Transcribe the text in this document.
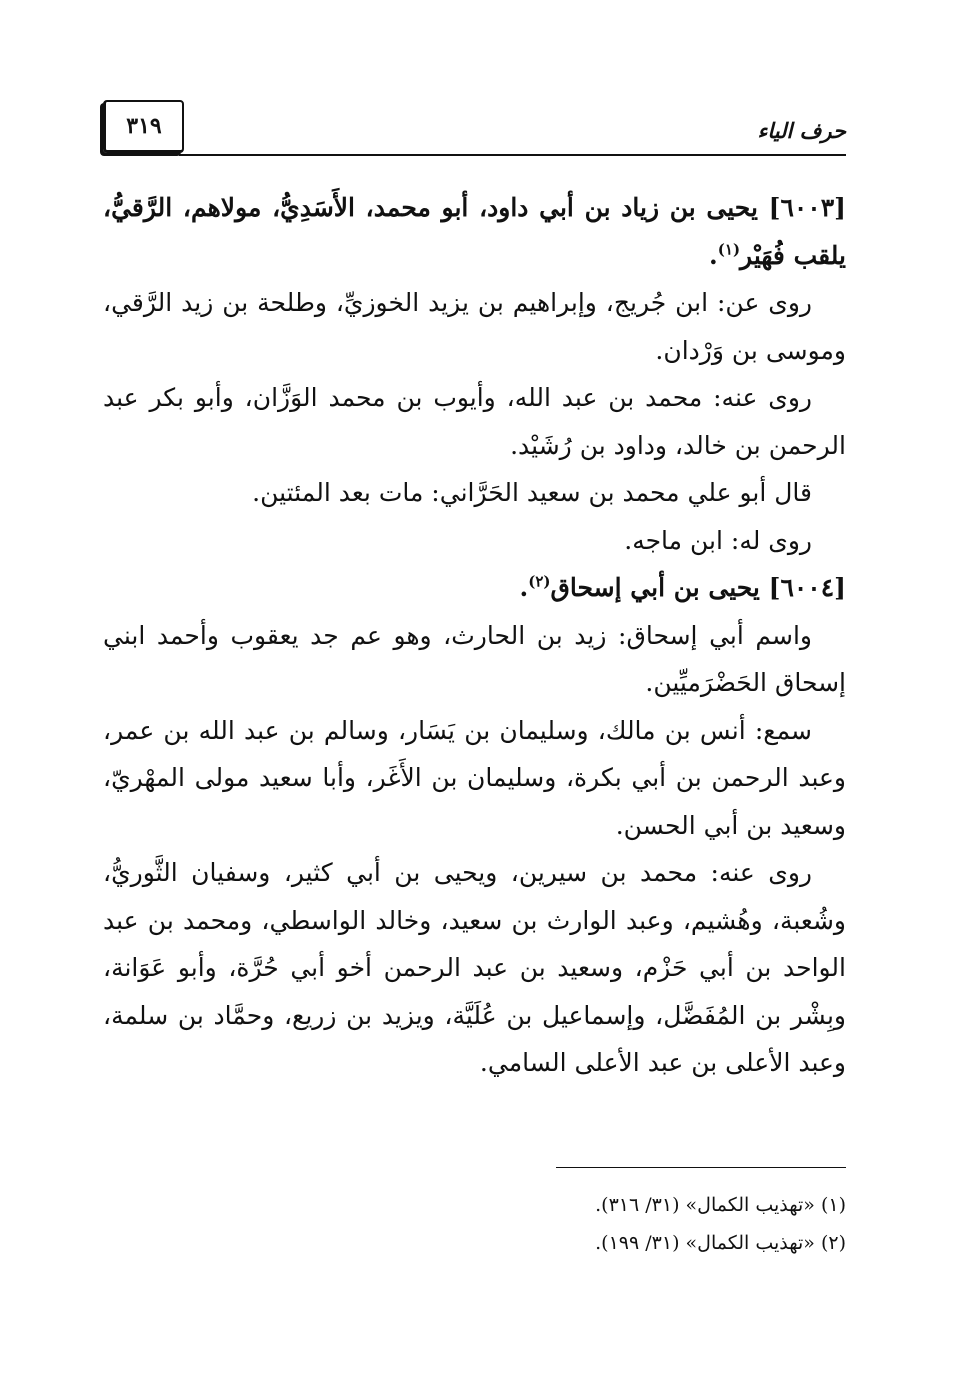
حرف الياء
٣١٩

[٦٠٠٣] يحيى بن زياد بن أبي داود، أبو محمد، الأَسَدِيُّ، مولاهم، الرَّقيُّ، يلقب فُهَيْر$^{(١)}$.

روى عن: ابن جُريج، وإبراهيم بن يزيد الخوزيِّ، وطلحة بن زيد الرَّقي، وموسى بن وَرْدان.

روى عنه: محمد بن عبد الله، وأيوب بن محمد الوَزَّان، وأبو بكر عبد الرحمن بن خالد، وداود بن رُشَيْد.

قال أبو علي محمد بن سعيد الحَرَّاني: مات بعد المئتين.

روى له: ابن ماجه.

[٦٠٠٤] يحيى بن أبي إسحاق$^{(٢)}$.

واسم أبي إسحاق: زيد بن الحارث، وهو عم جد يعقوب وأحمد ابني إسحاق الحَضْرَميِّين.

سمع: أنس بن مالك، وسليمان بن يَسَار، وسالم بن عبد الله بن عمر، وعبد الرحمن بن أبي بكرة، وسليمان بن الأَغَر، وأبا سعيد مولى المهْريّ، وسعيد بن أبي الحسن.

روى عنه: محمد بن سيرين، ويحيى بن أبي كثير، وسفيان الثَّوريُّ، وشُعبة، وهُشيم، وعبد الوارث بن سعيد، وخالد الواسطي، ومحمد بن عبد الواحد بن أبي حَزْم، وسعيد بن عبد الرحمن أخو أبي حُرَّة، وأبو عَوَانة، وبِشْر بن المُفَضَّل، وإسماعيل بن عُلَيَّة، ويزيد بن زريع، وحمَّاد بن سلمة، وعبد الأعلى بن عبد الأعلى السامي.

(١) «تهذيب الكمال» (٣١/ ٣١٦).

(٢) «تهذيب الكمال» (٣١/ ١٩٩).
